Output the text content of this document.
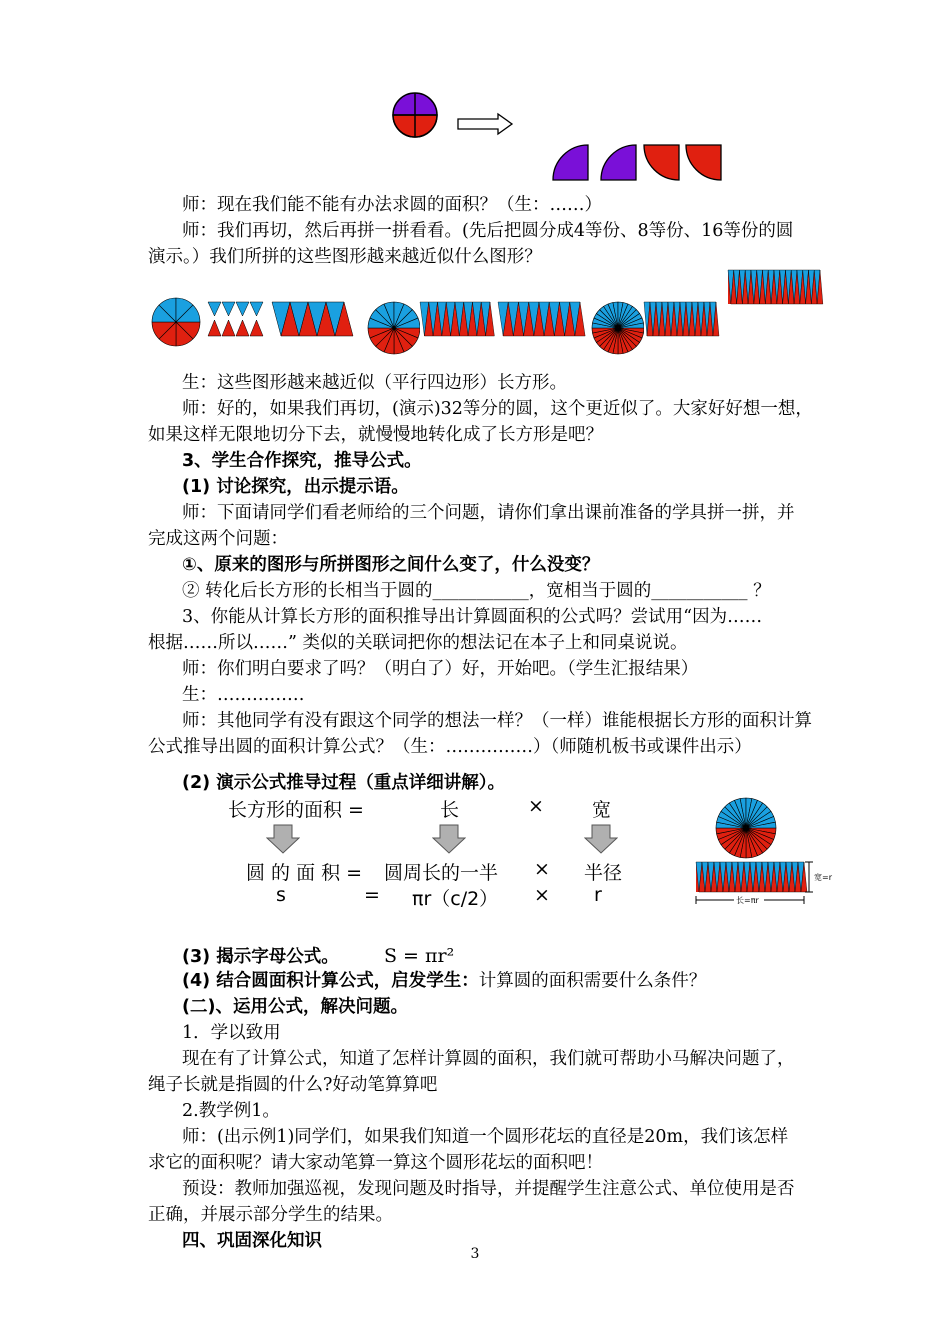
师：现在我们能不能有办法求圆的面积？（生：……）
师：我们再切，然后再拼一拼看看。(先后把圆分成4等份、8等份、16等份的圆
演示。）我们所拼的这些图形越来越近似什么图形？
生：这些图形越来越近似（平行四边形）长方形。
师：好的，如果我们再切，(演示)32等分的圆，这个更近似了。大家好好想一想，
如果这样无限地切分下去，就慢慢地转化成了长方形是吧？
3、学生合作探究，推导公式。
(1) 讨论探究，出示提示语。
师：下面请同学们看老师给的三个问题，请你们拿出课前准备的学具拼一拼，并
完成这两个问题：
①、原来的图形与所拼图形之间什么变了，什么没变？
② 转化后长方形的长相当于圆的___________，宽相当于圆的___________ ？
3、你能从计算长方形的面积推导出计算圆面积的公式吗？尝试用“因为……
根据……所以……” 类似的关联词把你的想法记在本子上和同桌说说。
师：你们明白要求了吗？（明白了）好，开始吧。（学生汇报结果）
生：……………
师：其他同学有没有跟这个同学的想法一样？（一样）谁能根据长方形的面积计算
公式推导出圆的面积计算公式？（生：……………）（师随机板书或课件出示）
(2) 演示公式推导过程（重点详细讲解）。
长方形的面积 =	长	×	宽
圆 的 面 积 = 圆周长的一半 × 半径
s	= πr（c/2） × r
宽=r
长=πr
(3) 揭示字母公式。 S = πr²
(4) 结合圆面积计算公式，启发学生：计算圆的面积需要什么条件？
(二)、运用公式，解决问题。
1．学以致用
现在有了计算公式，知道了怎样计算圆的面积，我们就可帮助小马解决问题了，
绳子长就是指圆的什么?好动笔算算吧
2.教学例1。
师：(出示例1)同学们，如果我们知道一个圆形花坛的直径是20m，我们该怎样
求它的面积呢？请大家动笔算一算这个圆形花坛的面积吧！
预设：教师加强巡视，发现问题及时指导，并提醒学生注意公式、单位使用是否
正确，并展示部分学生的结果。
四、巩固深化知识
3
